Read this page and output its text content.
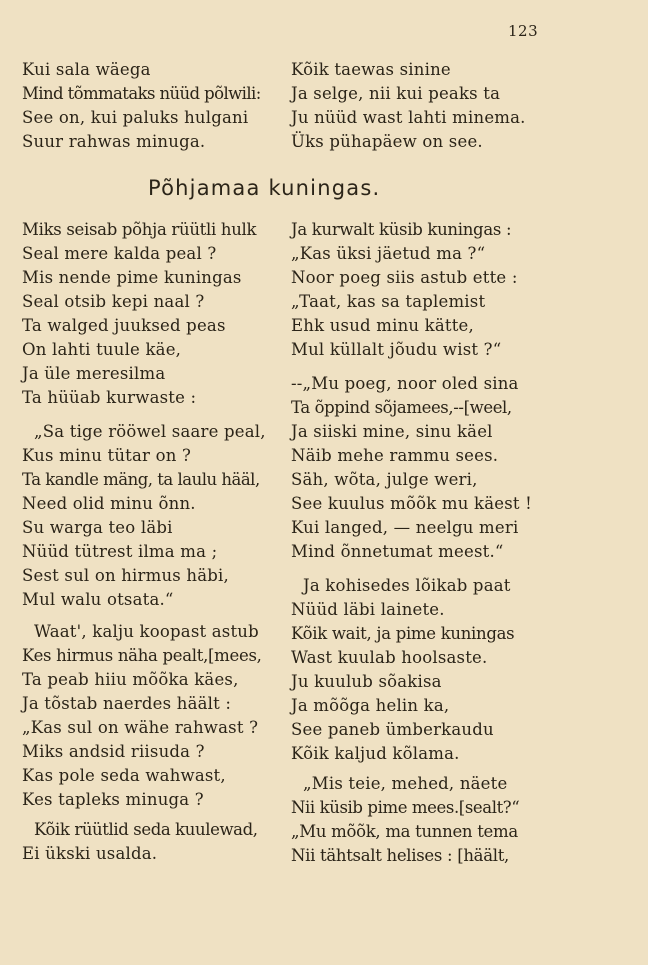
123
Kui sala wäega
Mind tõmmataks nüüd põlwili:
See on, kui paluks hulgani
Suur rahwas minuga.
Kõik taewas sinine
Ja selge, nii kui peaks ta
Ju nüüd wast lahti minema.
Üks pühapäew on see.
Põhjamaa kuningas.
Miks seisab põhja rüütli hulk
Seal mere kalda peal ?
Mis nende pime kuningas
Seal otsib kepi naal ?
Ta walged juuksed peas
On lahti tuule käe,
Ja üle meresilma
Ta hüüab kurwaste :
„Sa tige rööwel saare peal,
Kus minu tütar on ?
Ta kandle mäng, ta laulu hääl,
Need olid minu õnn.
Su warga teo läbi
Nüüd tütrest ilma ma ;
Sest sul on hirmus häbi,
Mul walu otsata.“
Waat', kalju koopast astub
Kes hirmus näha pealt,[mees,
Ta peab hiiu mõõka käes,
Ja tõstab naerdes häält :
„Kas sul on wähe rahwast ?
Miks andsid riisuda ?
Kas pole seda wahwast,
Kes tapleks minuga ?
Kõik rüütlid seda kuulewad,
Ei ükski usalda.
Ja kurwalt küsib kuningas :
„Kas üksi jäetud ma ?“
Noor poeg siis astub ette :
„Taat, kas sa taplemist
Ehk usud minu kätte,
Mul küllalt jõudu wist ?“
--„Mu poeg, noor oled sina
Ta õppind sõjamees,--[weel,
Ja siiski mine, sinu käel
Näib mehe rammu sees.
Säh, wõta, julge weri,
See kuulus mõõk mu käest !
Kui langed, — neelgu meri
Mind õnnetumat meest.“
Ja kohisedes lõikab paat
Nüüd läbi lainete.
Kõik wait, ja pime kuningas
Wast kuulab hoolsaste.
Ju kuulub sõakisa
Ja mõõga helin ka,
See paneb ümberkaudu
Kõik kaljud kõlama.
„Mis teie, mehed, näete
Nii küsib pime mees.[sealt?“
„Mu mõõk, ma tunnen tema
Nii tähtsalt helises : [häält,
